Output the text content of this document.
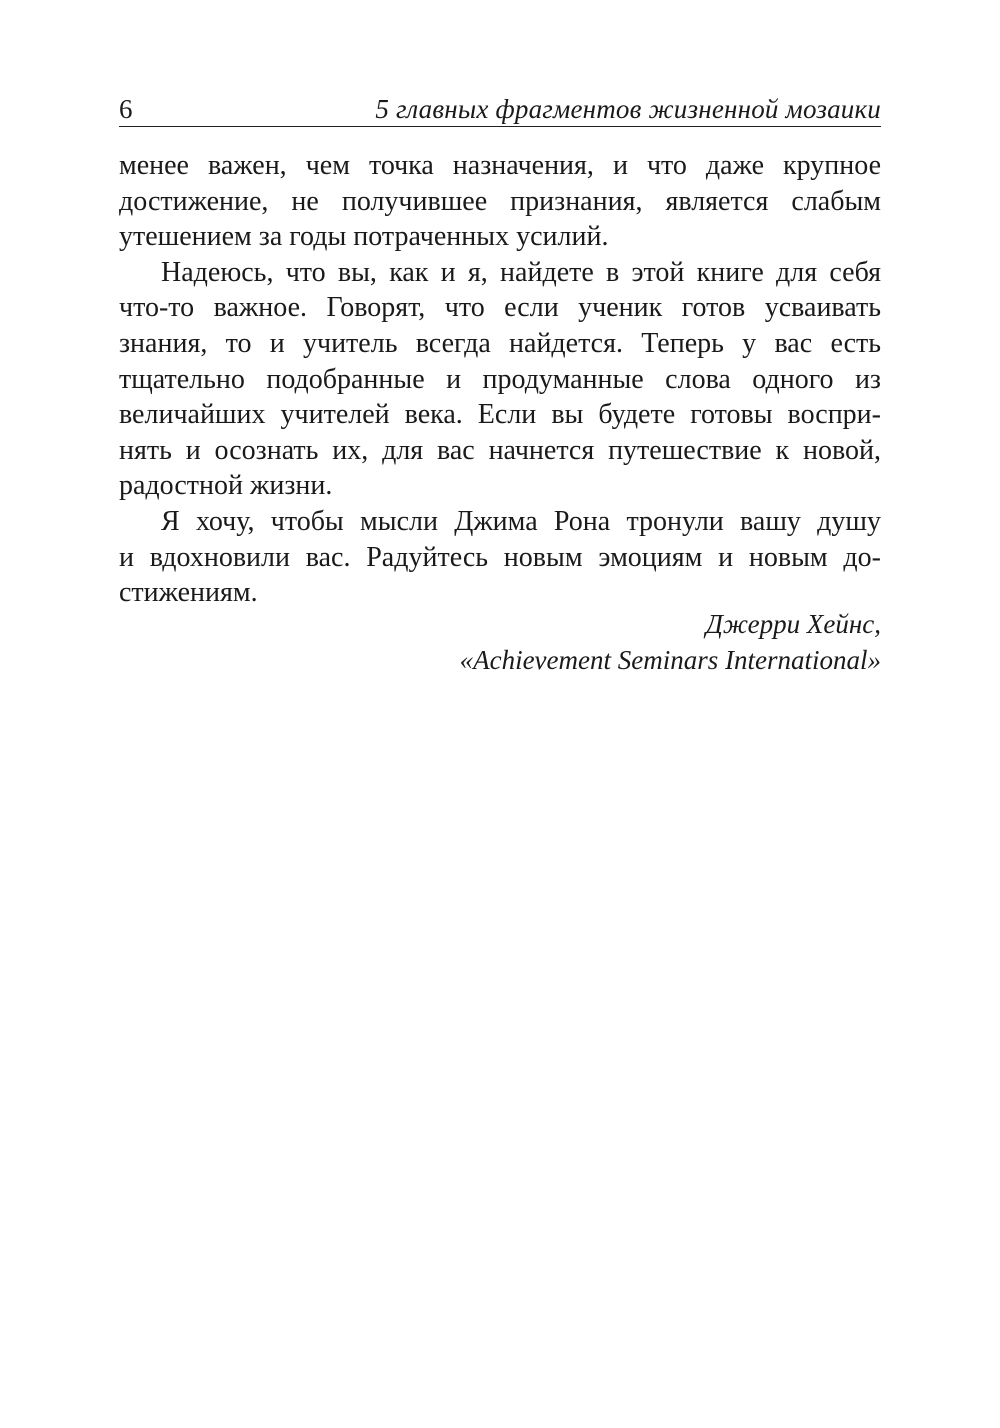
6	5 главных фрагментов жизненной мозаики

менее важен, чем точка назначения, и что даже крупное
достижение, не получившее признания, является слабым
утешением за годы потраченных усилий.

Надеюсь, что вы, как и я, найдете в этой книге для себя
что-то важное. Говорят, что если ученик готов усваивать
знания, то и учитель всегда найдется. Теперь у вас есть
тщательно подобранные и продуманные слова одного из
величайших учителей века. Если вы будете готовы воспри-
нять и осознать их, для вас начнется путешествие к новой,
радостной жизни.

Я хочу, чтобы мысли Джима Рона тронули вашу душу
и вдохновили вас. Радуйтесь новым эмоциям и новым до-
стижениям.

Джерри Хейнс,
«Achievement Seminars International»
